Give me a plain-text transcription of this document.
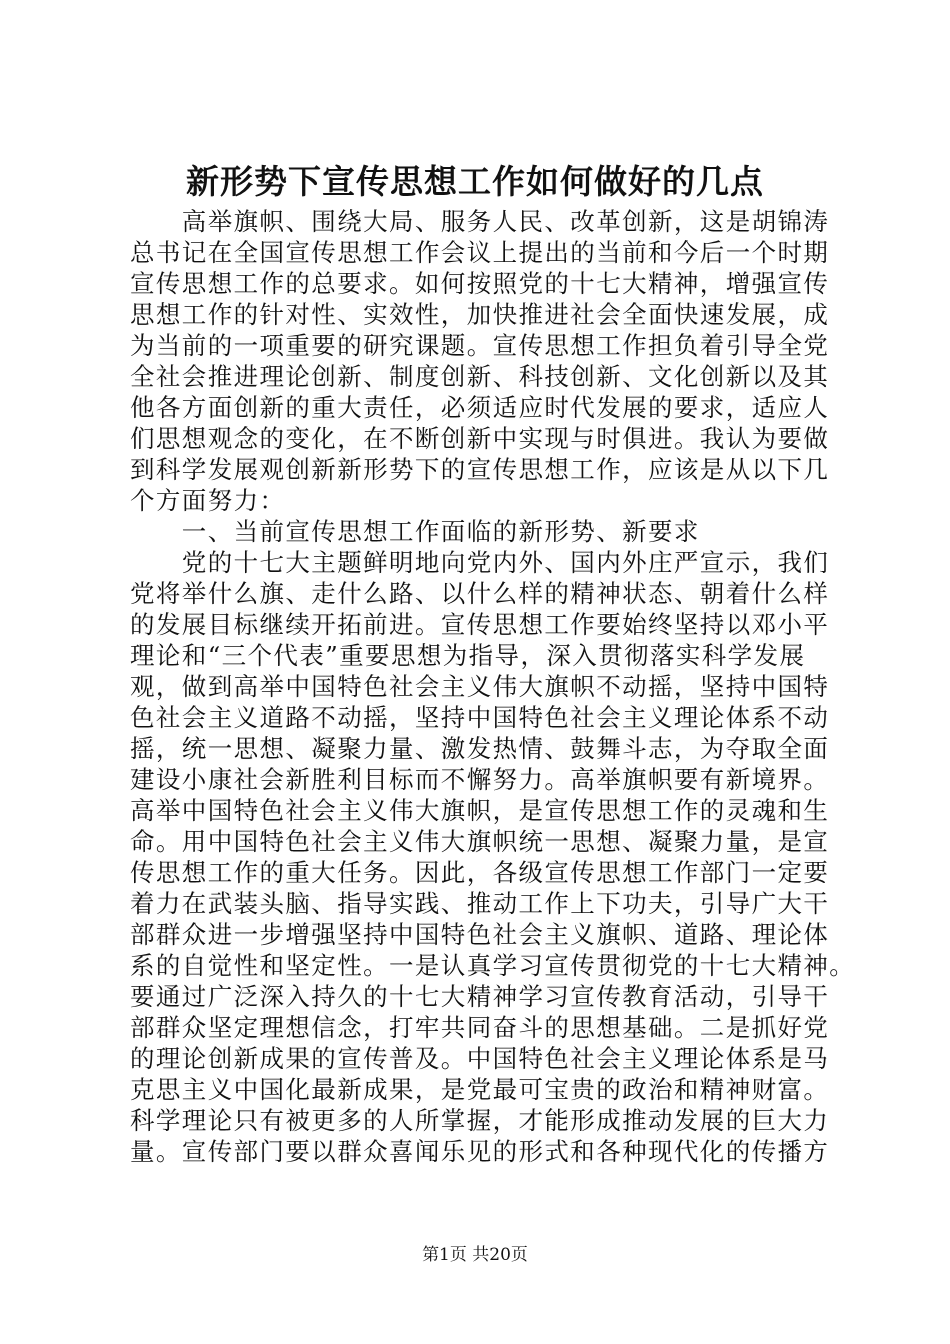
新形势下宣传思想工作如何做好的几点
　　高举旗帜、围绕大局、服务人民、改革创新，这是胡锦涛
总书记在全国宣传思想工作会议上提出的当前和今后一个时期
宣传思想工作的总要求。如何按照党的十七大精神，增强宣传
思想工作的针对性、实效性，加快推进社会全面快速发展，成
为当前的一项重要的研究课题。宣传思想工作担负着引导全党
全社会推进理论创新、制度创新、科技创新、文化创新以及其
他各方面创新的重大责任，必须适应时代发展的要求，适应人
们思想观念的变化，在不断创新中实现与时俱进。我认为要做
到科学发展观创新新形势下的宣传思想工作，应该是从以下几
个方面努力：
　　一、当前宣传思想工作面临的新形势、新要求
　　党的十七大主题鲜明地向党内外、国内外庄严宣示，我们
党将举什么旗、走什么路、以什么样的精神状态、朝着什么样
的发展目标继续开拓前进。宣传思想工作要始终坚持以邓小平
理论和“三个代表”重要思想为指导，深入贯彻落实科学发展
观，做到高举中国特色社会主义伟大旗帜不动摇，坚持中国特
色社会主义道路不动摇，坚持中国特色社会主义理论体系不动
摇，统一思想、凝聚力量、激发热情、鼓舞斗志，为夺取全面
建设小康社会新胜利目标而不懈努力。高举旗帜要有新境界。
高举中国特色社会主义伟大旗帜，是宣传思想工作的灵魂和生
命。用中国特色社会主义伟大旗帜统一思想、凝聚力量，是宣
传思想工作的重大任务。因此，各级宣传思想工作部门一定要
着力在武装头脑、指导实践、推动工作上下功夫，引导广大干
部群众进一步增强坚持中国特色社会主义旗帜、道路、理论体
系的自觉性和坚定性。一是认真学习宣传贯彻党的十七大精神。
要通过广泛深入持久的十七大精神学习宣传教育活动，引导干
部群众坚定理想信念，打牢共同奋斗的思想基础。二是抓好党
的理论创新成果的宣传普及。中国特色社会主义理论体系是马
克思主义中国化最新成果，是党最可宝贵的政治和精神财富。
科学理论只有被更多的人所掌握，才能形成推动发展的巨大力
量。宣传部门要以群众喜闻乐见的形式和各种现代化的传播方
第1页 共20页
